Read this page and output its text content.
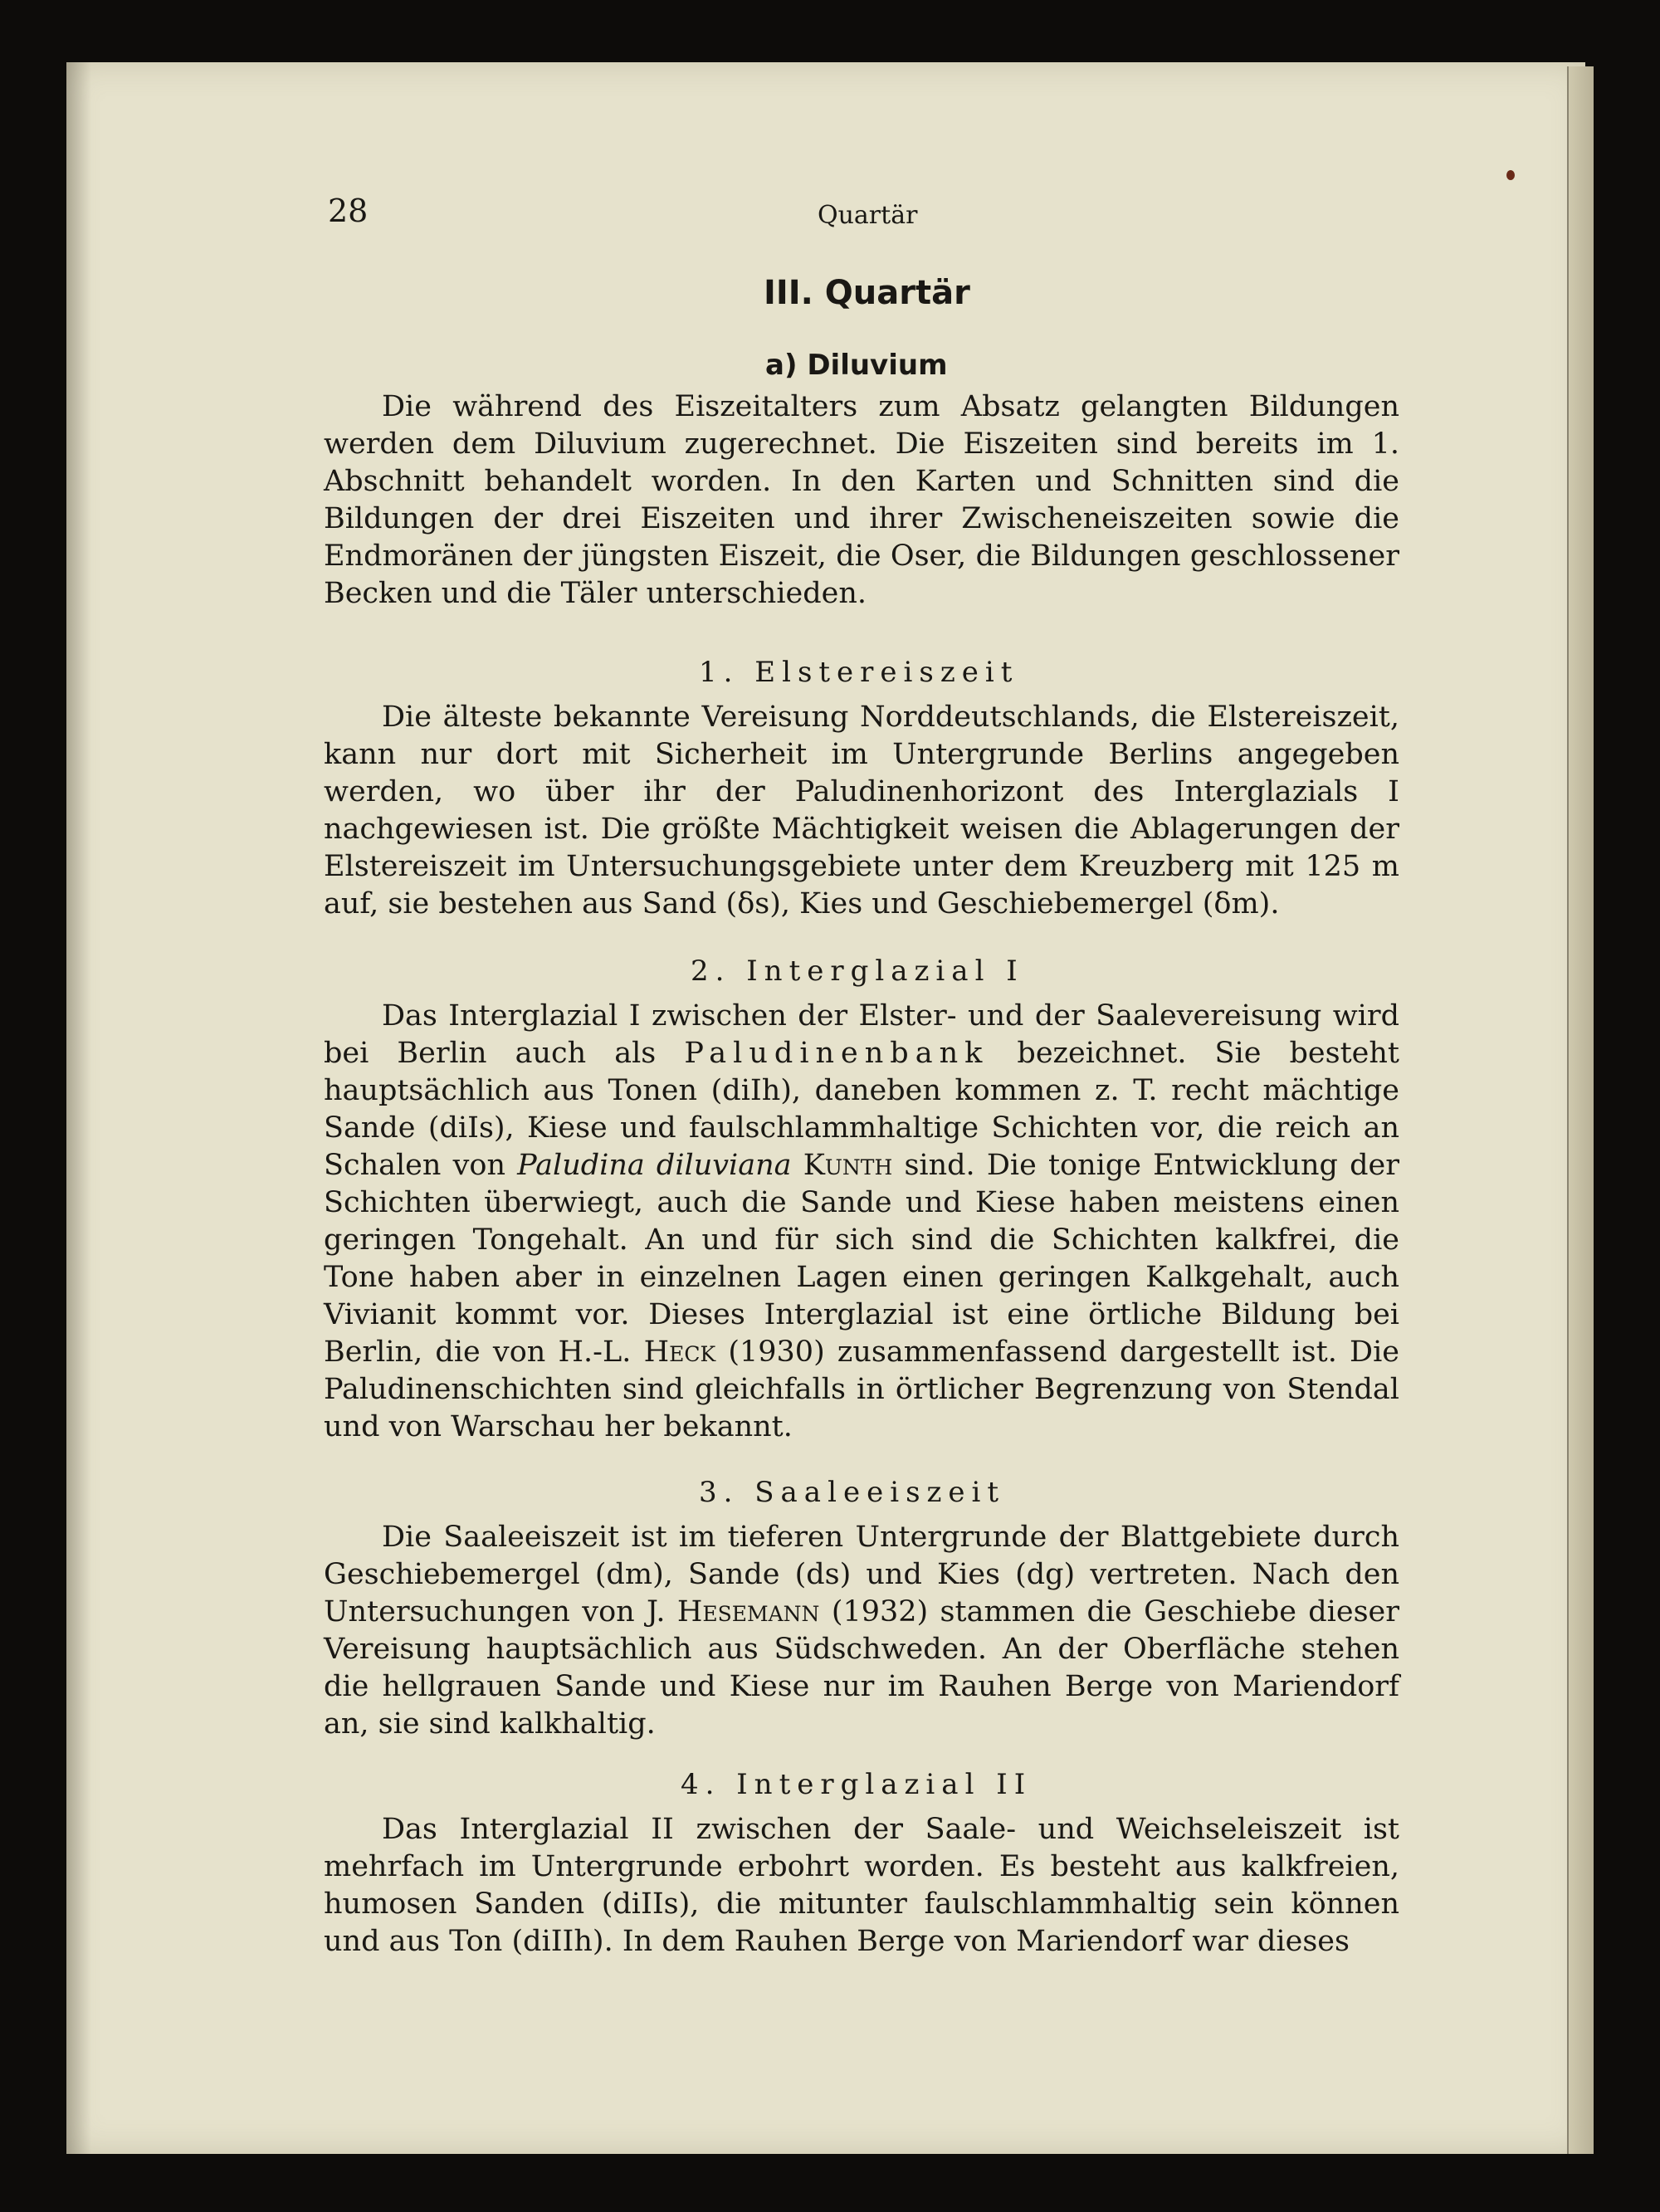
28	Quartär
III. Quartär
a) Diluvium

Die während des Eiszeitalters zum Absatz gelangten Bildungen werden dem Diluvium zugerechnet. Die Eiszeiten sind bereits im 1. Abschnitt behandelt worden. In den Karten und Schnitten sind die Bildungen der drei Eiszeiten und ihrer Zwischeneiszeiten sowie die Endmoränen der jüngsten Eiszeit, die Oser, die Bildungen geschlossener Becken und die Täler unterschieden.

1. Elstereiszeit

Die älteste bekannte Vereisung Norddeutschlands, die Elstereiszeit, kann nur dort mit Sicherheit im Untergrunde Berlins angegeben werden, wo über ihr der Paludinenhorizont des Interglazials I nachgewiesen ist. Die größte Mächtigkeit weisen die Ablagerungen der Elstereiszeit im Untersuchungsgebiete unter dem Kreuzberg mit 125 m auf, sie bestehen aus Sand (δs), Kies und Geschiebemergel (δm).

2. Interglazial I

Das Interglazial I zwischen der Elster- und der Saalevereisung wird bei Berlin auch als Paludinenbank bezeichnet. Sie besteht hauptsächlich aus Tonen (diIh), daneben kommen z. T. recht mächtige Sande (diIs), Kiese und faulschlammhaltige Schichten vor, die reich an Schalen von Paludina diluviana Kunth sind. Die tonige Entwicklung der Schichten überwiegt, auch die Sande und Kiese haben meistens einen geringen Tongehalt. An und für sich sind die Schichten kalkfrei, die Tone haben aber in einzelnen Lagen einen geringen Kalkgehalt, auch Vivianit kommt vor. Dieses Interglazial ist eine örtliche Bildung bei Berlin, die von H.-L. Heck (1930) zusammenfassend dargestellt ist. Die Paludinenschichten sind gleichfalls in örtlicher Begrenzung von Stendal und von Warschau her bekannt.

3. Saaleeiszeit

Die Saaleeiszeit ist im tieferen Untergrunde der Blattgebiete durch Geschiebemergel (dm), Sande (ds) und Kies (dg) vertreten. Nach den Untersuchungen von J. Hesemann (1932) stammen die Geschiebe dieser Vereisung hauptsächlich aus Südschweden. An der Oberfläche stehen die hellgrauen Sande und Kiese nur im Rauhen Berge von Mariendorf an, sie sind kalkhaltig.

4. Interglazial II

Das Interglazial II zwischen der Saale- und Weichseleiszeit ist mehrfach im Untergrunde erbohrt worden. Es besteht aus kalkfreien, humosen Sanden (diIIs), die mitunter faulschlammhaltig sein können und aus Ton (diIIh). In dem Rauhen Berge von Mariendorf war dieses
